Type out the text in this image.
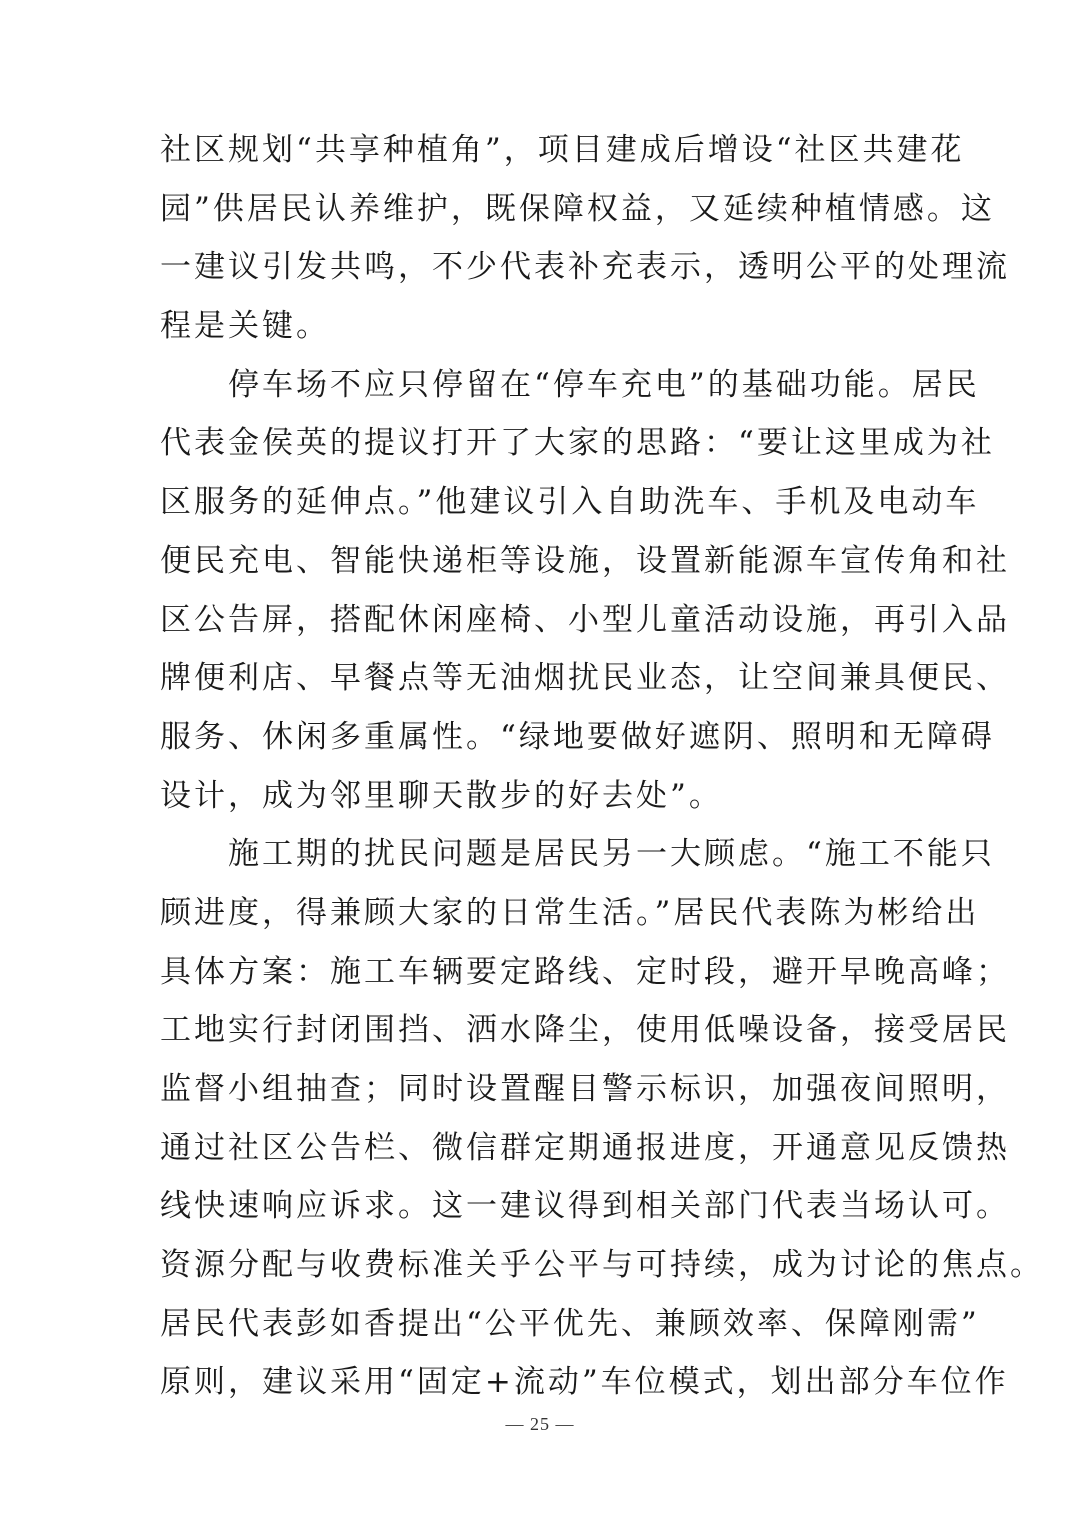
社区规划“共享种植角”，项目建成后增设“社区共建花
园”供居民认养维护，既保障权益，又延续种植情感。这
一建议引发共鸣，不少代表补充表示，透明公平的处理流
程是关键。
　　停车场不应只停留在“停车充电”的基础功能。居民
代表金侯英的提议打开了大家的思路：“要让这里成为社
区服务的延伸点。”他建议引入自助洗车、手机及电动车
便民充电、智能快递柜等设施，设置新能源车宣传角和社
区公告屏，搭配休闲座椅、小型儿童活动设施，再引入品
牌便利店、早餐点等无油烟扰民业态，让空间兼具便民、
服务、休闲多重属性。“绿地要做好遮阴、照明和无障碍
设计，成为邻里聊天散步的好去处”。
　　施工期的扰民问题是居民另一大顾虑。“施工不能只
顾进度，得兼顾大家的日常生活。”居民代表陈为彬给出
具体方案：施工车辆要定路线、定时段，避开早晚高峰；
工地实行封闭围挡、洒水降尘，使用低噪设备，接受居民
监督小组抽查；同时设置醒目警示标识，加强夜间照明，
通过社区公告栏、微信群定期通报进度，开通意见反馈热
线快速响应诉求。这一建议得到相关部门代表当场认可。
资源分配与收费标准关乎公平与可持续，成为讨论的焦点。
居民代表彭如香提出“公平优先、兼顾效率、保障刚需”
原则，建议采用“固定+流动”车位模式，划出部分车位作
— 25 —
